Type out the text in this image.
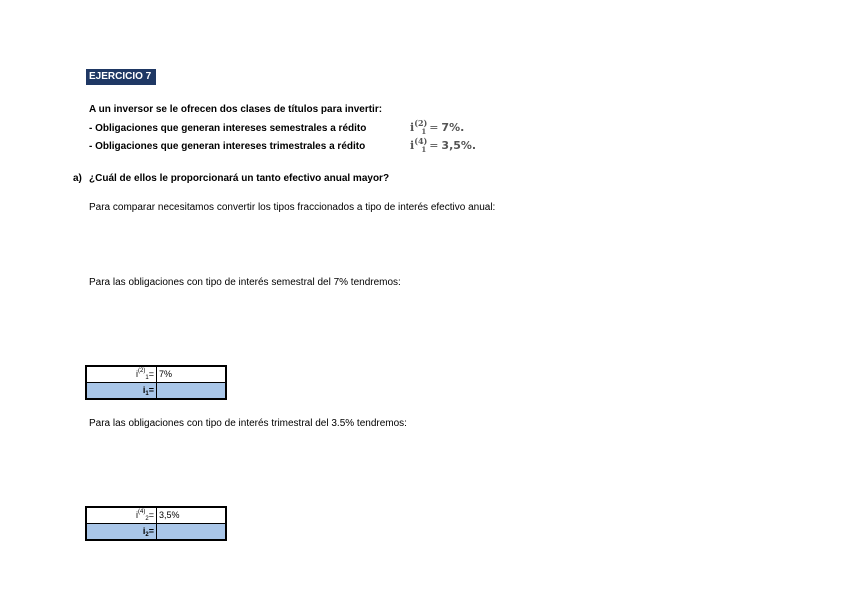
EJERCICIO 7
A un inversor se le ofrecen dos clases de títulos para invertir:
- Obligaciones que generan intereses semestrales a rédito	$i^{(2)}_1 = 7\%$.
- Obligaciones que generan intereses trimestrales a rédito	$i^{(4)}_1 = 3,5\%$.
a) ¿Cuál de ellos le proporcionará un tanto efectivo anual mayor?
Para comparar necesitamos convertir los tipos fraccionados a tipo de interés efectivo anual:
Para las obligaciones con tipo de interés semestral del 7% tendremos:
$i^{(2)}1=$	7%
i1=	
Para las obligaciones con tipo de interés trimestral del 3.5% tendremos:
$i^{(4)}2=$	3,5%
i2=	
